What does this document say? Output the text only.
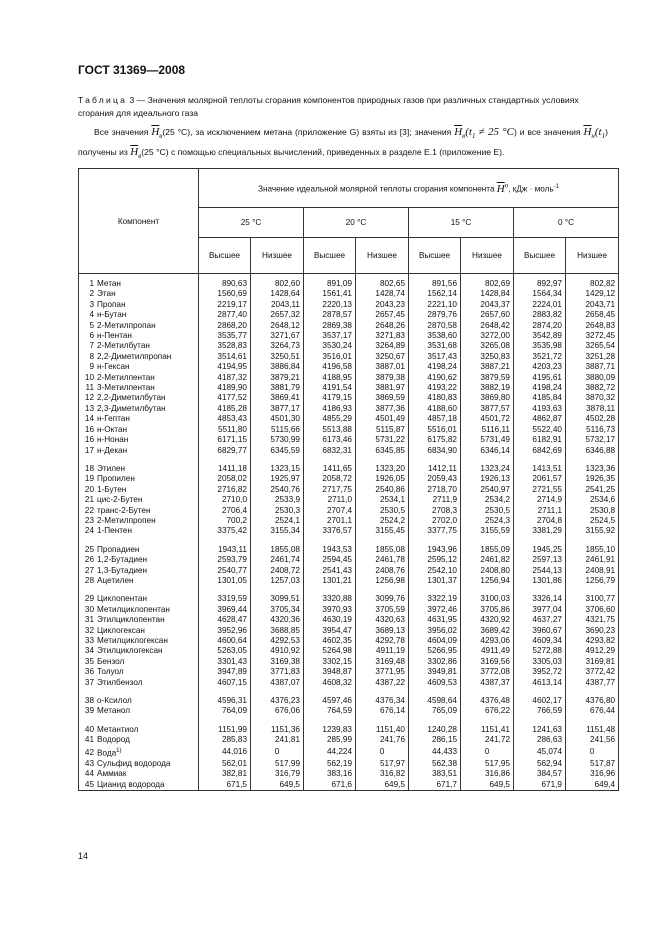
ГОСТ 31369—2008

Таблица 3 — Значения молярной теплоты сгорания компонентов природных газов при различных стандартных условиях сгорания для идеального газа

Все значения $\overline{H}_в(25$ °C), за исключением метана (приложение G) взяты из [3]; значения $\overline{H}_в(t_1 \ne 25$ °C) и все значения $\overline{H}_н(t_1)$ получены из $\overline{H}_в(25$ °C) с помощью специальных вычислений, приведенных в разделе Е.1 (приложение Е).

Компонент	Значение идеальной молярной теплоты сгорания компонента $\overline{H}^o$, кДж · моль$^{-1}$
	25 °С		20 °С		15 °С		0 °С	
	Высшее	Низшее	Высшее	Низшее	Высшее	Низшее	Высшее	Низшее
1 Метан	890,63	802,60	891,09	802,65	891,56	802,69	892,97	802,82
2 Этан	1560,69	1428,64	1561,41	1428,74	1562,14	1428,84	1564,34	1429,12
3 Пропан	2219,17	2043,11	2220,13	2043,23	2221,10	2043,37	2224,01	2043,71
4 н-Бутан	2877,40	2657,32	2878,57	2657,45	2879,76	2657,60	2883,82	2658,45
5 2-Метилпропан	2868,20	2648,12	2869,38	2648,26	2870,58	2648,42	2874,20	2648,83
6 н-Пентан	3535,77	3271,67	3537,17	3271,83	3538,60	3272,00	3542,89	3272,45
7 2-Метилбутан	3528,83	3264,73	3530,24	3264,89	3531,68	3265,08	3535,98	3265,54
8 2,2-Диметилпропан	3514,61	3250,51	3516,01	3250,67	3517,43	3250,83	3521,72	3251,28
9 н-Гексан	4194,95	3886,84	4196,58	3887,01	4198,24	3887,21	4203,23	3887,71
10 2-Метилпентан	4187,32	3879,21	4188,95	3879,38	4190,62	3879,59	4195,61	3880,09
11 3-Метилпентан	4189,90	3881,79	4191,54	3881,97	4193,22	3882,19	4198,24	3882,72
12 2,2-Диметилбутан	4177,52	3869,41	4179,15	3869,59	4180,83	3869,80	4185,84	3870,32
13 2,3-Диметилбутан	4185,28	3877,17	4186,93	3877,36	4188,60	3877,57	4193,63	3878,11
14 н-Гептан	4853,43	4501,30	4855,29	4501,49	4857,18	4501,72	4862,87	4502,28
16 н-Октан	5511,80	5115,66	5513,88	5115,87	5516,01	5116,11	5522,40	5116,73
16 н-Нонан	6171,15	5730,99	6173,46	5731,22	6175,82	5731,49	6182,91	5732,17
17 н-Декан	6829,77	6345,59	6832,31	6345,85	6834,90	6346,14	6842,69	6346,88

18 Этилен	1411,18	1323,15	1411,65	1323,20	1412,11	1323,24	1413,51	1323,36
19 Пропилен	2058,02	1925,97	2058,72	1926,05	2059,43	1926,13	2061,57	1926,35
20 1-Бутен	2716,82	2540,76	2717,75	2540,86	2718,70	2540,97	2721,55	2541,25
21 цис-2-Бутен	2710,0	2533,9	2711,0	2534,1	2711,9	2534,2	2714,9	2534,6
22 транс-2-Бутен	2706,4	2530,3	2707,4	2530,5	2708,3	2530,5	2711,1	2530,8
23 2-Метилпропен	700,2	2524,1	2701,1	2524,2	2702,0	2524,3	2704,8	2524,5
24 1-Пентен	3375,42	3155,34	3376,57	3155,45	3377,75	3155,59	3381,29	3155,92

25 Пропадиен	1943,11	1855,08	1943,53	1855,08	1943,96	1855,09	1945,25	1855,10
26 1,2-Бутадиен	2593,79	2461,74	2594,45	2461,78	2595,12	2461,82	2597,13	2461,91
27 1,3-Бутадиен	2540,77	2408,72	2541,43	2408,76	2542,10	2408,80	2544,13	2408,91
28 Ацетилен	1301,05	1257,03	1301,21	1256,98	1301,37	1256,94	1301,86	1256,79

29 Циклопентан	3319,59	3099,51	3320,88	3099,76	3322,19	3100,03	3326,14	3100,77
30 Метилциклопентан	3969,44	3705,34	3970,93	3705,59	3972,46	3705,86	3977,04	3706,60
31 Этилциклопентан	4628,47	4320,36	4630,19	4320,63	4631,95	4320,92	4637,27	4321,75
32 Циклогексан	3952,96	3688,85	3954,47	3689,13	3956,02	3689,42	3960,67	3690,23
33 Метилциклогексан	4600,64	4292,53	4602,35	4292,78	4604,09	4293,06	4609,34	4293,82
34 Этилциклогексан	5263,05	4910,92	5264,98	4911,19	5266,95	4911,49	5272,88	4912,29
35 Бензол	3301,43	3169,38	3302,15	3169,48	3302,86	3169,56	3305,03	3169,81
36 Толуол	3947,89	3771,83	3948,87	3771,95	3949,81	3772,08	3952,72	3772,42
37 Этилбензол	4607,15	4387,07	4608,32	4387,22	4609,53	4387,37	4613,14	4387,77

38 о-Ксилол	4596,31	4376,23	4597,46	4376,34	4598,64	4376,48	4602,17	4376,80
39 Метанол	764,09	676,06	764,59	676,14	765,09	676,22	766,59	676,44

40 Метантиол	1151,99	1151,36	1239,83	1151,40	1240,28	1151,41	1241,63	1151,48
41 Водород	285,83	241,81	285,99	241,76	286,15	241,72	286,63	241,56
42 Вода$^{1)}$	44,016	0	44,224	0	44,433	0	45,074	0
43 Сульфид водорода	562,01	517,99	562,19	517,97	562,38	517,95	562,94	517,87
44 Аммиак	382,81	316,79	383,16	316,82	383,51	316,86	384,57	316,96
45 Цианид водорода	671,5	649,5	671,6	649,5	671,7	649,5	671,9	649,4

14
